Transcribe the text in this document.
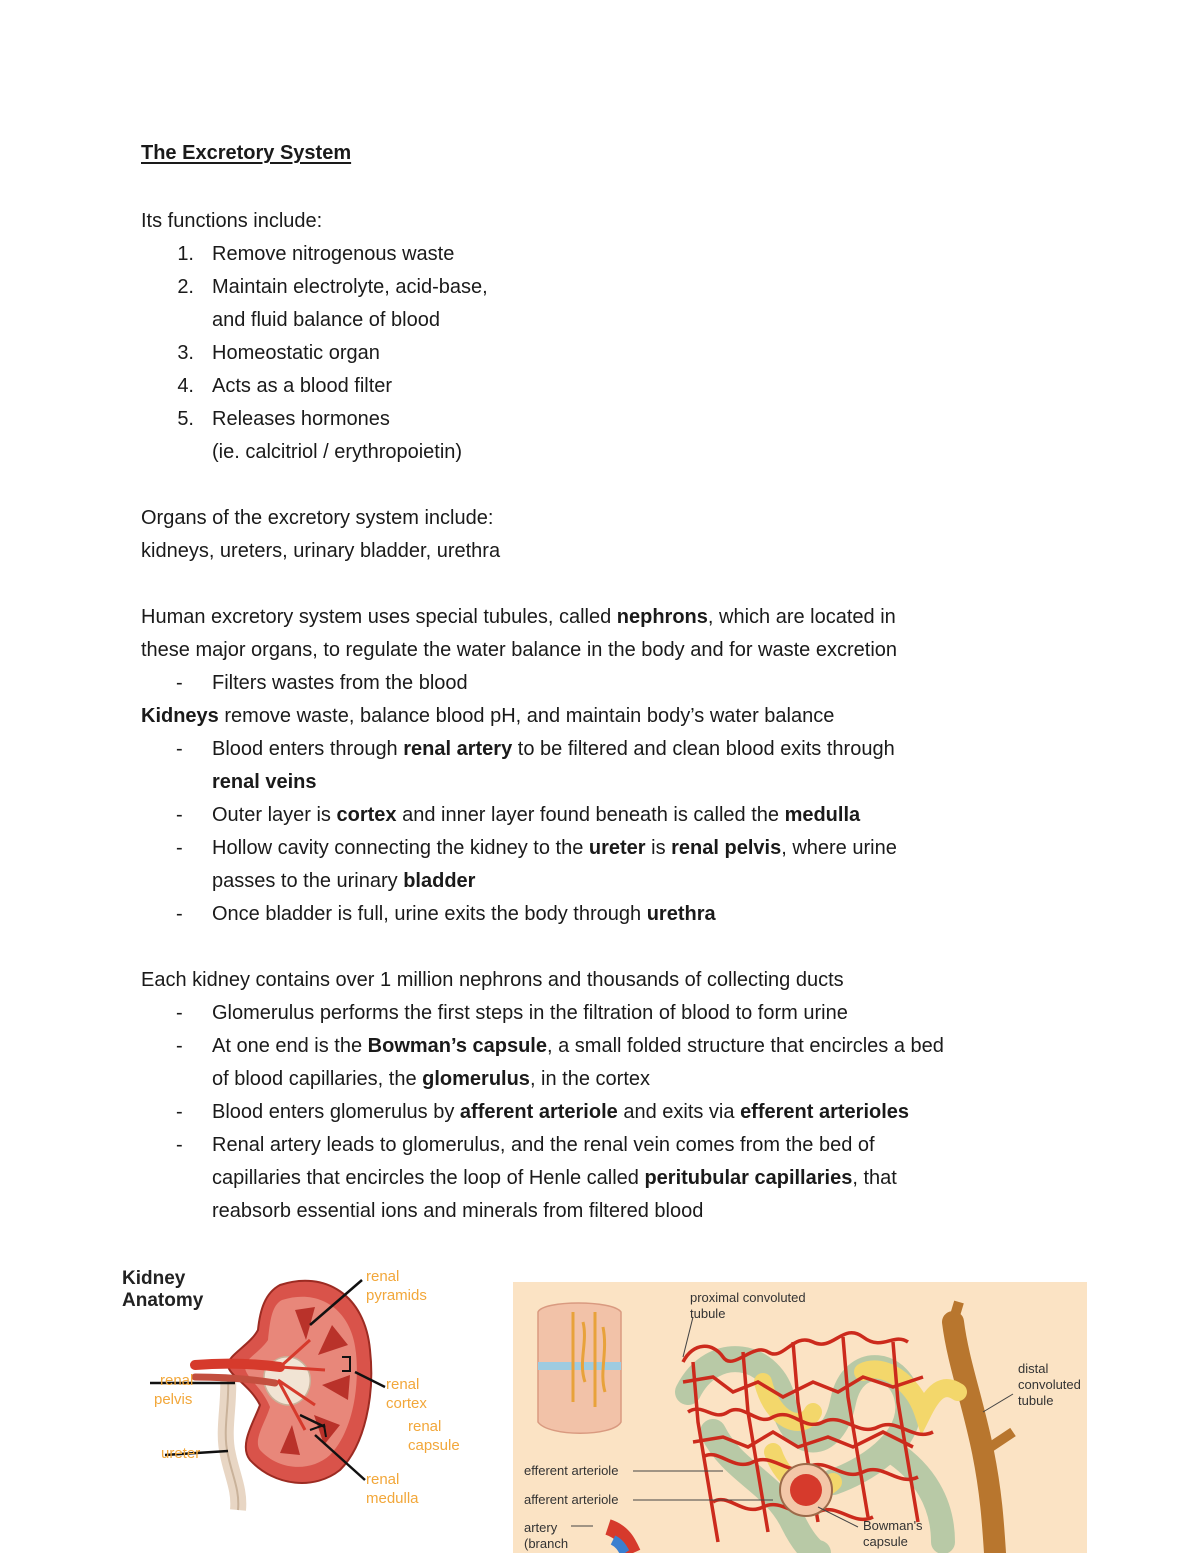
The Excretory System
Its functions include:
1. Remove nitrogenous waste
2. Maintain electrolyte, acid-base,
and fluid balance of blood
3. Homeostatic organ
4. Acts as a blood filter
5. Releases hormones
(ie. calcitriol / erythropoietin)
Organs of the excretory system include:
kidneys, ureters, urinary bladder, urethra
Human excretory system uses special tubules, called nephrons, which are located in
these major organs, to regulate the water balance in the body and for waste excretion
- Filters wastes from the blood
Kidneys remove waste, balance blood pH, and maintain body’s water balance
- Blood enters through renal artery to be filtered and clean blood exits through
renal veins
- Outer layer is cortex and inner layer found beneath is called the medulla
- Hollow cavity connecting the kidney to the ureter is renal pelvis, where urine
passes to the urinary bladder
- Once bladder is full, urine exits the body through urethra
Each kidney contains over 1 million nephrons and thousands of collecting ducts
- Glomerulus performs the first steps in the filtration of blood to form urine
- At one end is the Bowman’s capsule, a small folded structure that encircles a bed
of blood capillaries, the glomerulus, in the cortex
- Blood enters glomerulus by afferent arteriole and exits via efferent arterioles
- Renal artery leads to glomerulus, and the renal vein comes from the bed of
capillaries that encircles the loop of Henle called peritubular capillaries, that
reabsorb essential ions and minerals from filtered blood
Kidney
Anatomy
renal
pyramids
renal
pelvis
ureter
renal
cortex
renal
capsule
renal
medulla
proximal convoluted
tubule
distal
convoluted
tubule
efferent arteriole
afferent arteriole
artery
(branch
Bowman's
capsule
